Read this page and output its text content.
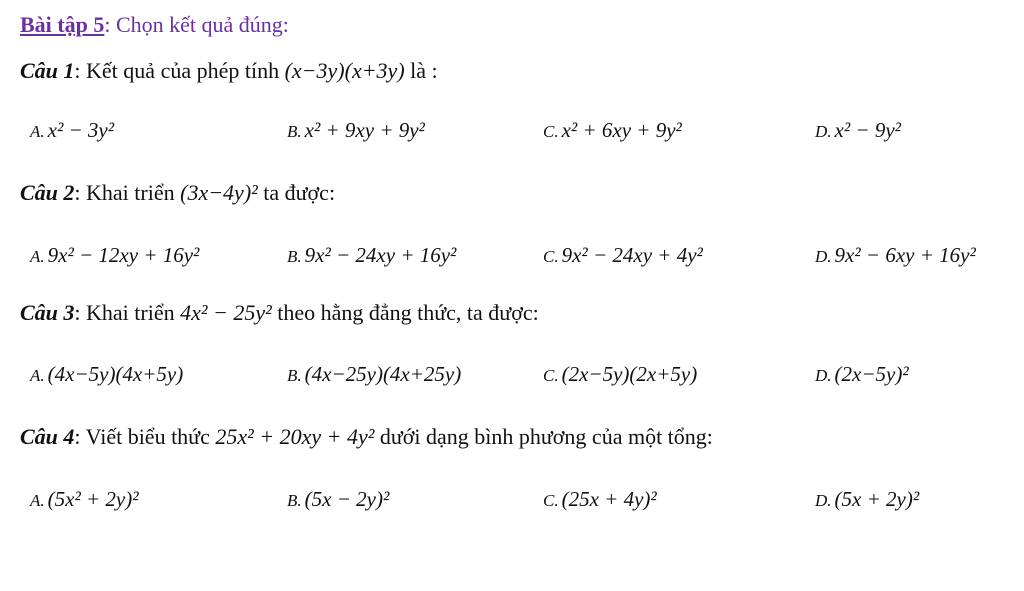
Bài tập 5: Chọn kết quả đúng:
Câu 1: Kết quả của phép tính (x−3y)(x+3y) là :
A. x² − 3y²	B. x² + 9xy + 9y²	C. x² + 6xy + 9y²	D. x² − 9y²
Câu 2: Khai triển (3x−4y)² ta được:
A. 9x² − 12xy + 16y²	B. 9x² − 24xy + 16y²	C. 9x² − 24xy + 4y²	D. 9x² − 6xy + 16y²
Câu 3: Khai triển 4x² − 25y² theo hằng đẳng thức, ta được:
A. (4x−5y)(4x+5y)	B. (4x−25y)(4x+25y)	C. (2x−5y)(2x+5y)	D. (2x−5y)²
Câu 4: Viết biểu thức 25x² + 20xy + 4y² dưới dạng bình phương của một tổng:
A. (5x² + 2y)²	B. (5x − 2y)²	C. (25x + 4y)²	D. (5x + 2y)²
